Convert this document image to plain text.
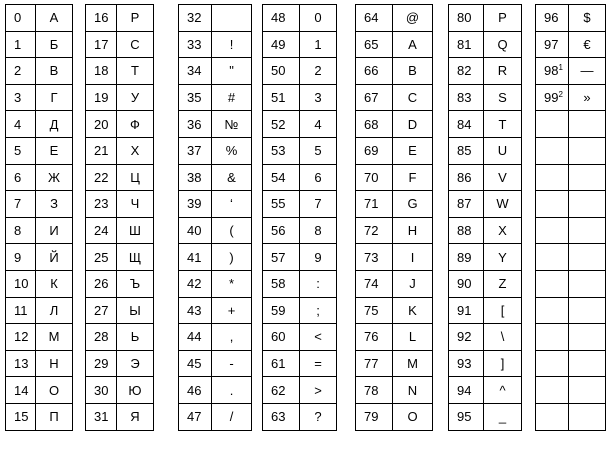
0	А
1	Б
2	В
3	Г
4	Д
5	Е
6	Ж
7	З
8	И
9	Й
10	К
11	Л
12	М
13	Н
14	О
15	П
16	Р
17	С
18	Т
19	У
20	Ф
21	Х
22	Ц
23	Ч
24	Ш
25	Щ
26	Ъ
27	Ы
28	Ь
29	Э
30	Ю
31	Я
32	
33	!
34	"
35	#
36	№
37	%
38	&
39	‘
40	(
41	)
42	*
43	+
44	,
45	-
46	.
47	/
48	0
49	1
50	2
51	3
52	4
53	5
54	6
55	7
56	8
57	9
58	:
59	;
60	<
61	=
62	>
63	?
64	@
65	A
66	B
67	C
68	D
69	E
70	F
71	G
72	H
73	I
74	J
75	K
76	L
77	M
78	N
79	O
80	P
81	Q
82	R
83	S
84	T
85	U
86	V
87	W
88	X
89	Y
90	Z
91	[
92	\
93	]
94	^
95	_
96	$
97	€
$98^1$	—
$99^2$	»
